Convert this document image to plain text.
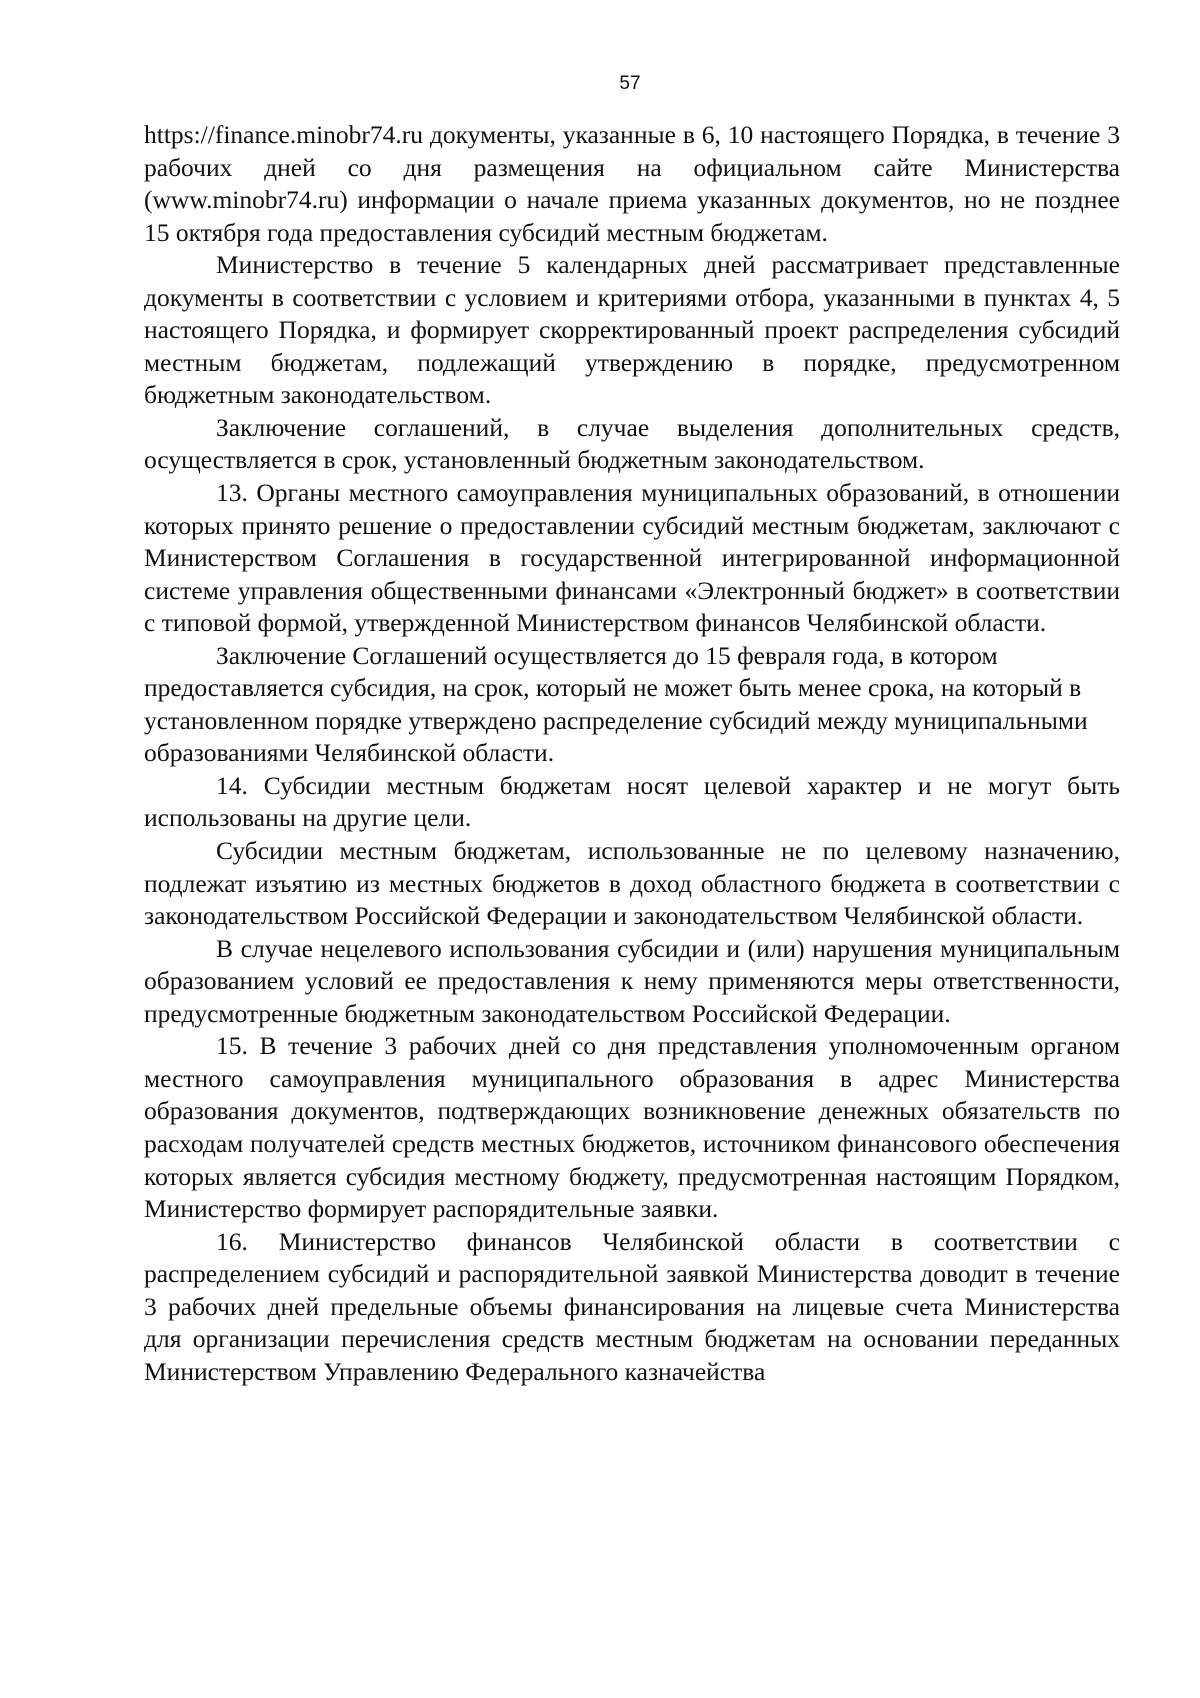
57

https://finance.minobr74.ru документы, указанные в 6, 10 настоящего Порядка, в течение 3 рабочих дней со дня размещения на официальном сайте Министерства (www.minobr74.ru) информации о начале приема указанных документов, но не позднее 15 октября года предоставления субсидий местным бюджетам.

Министерство в течение 5 календарных дней рассматривает представленные документы в соответствии с условием и критериями отбора, указанными в пунктах 4, 5 настоящего Порядка, и формирует скорректированный проект распределения субсидий местным бюджетам, подлежащий утверждению в порядке, предусмотренном бюджетным законодательством.

Заключение соглашений, в случае выделения дополнительных средств, осуществляется в срок, установленный бюджетным законодательством.

13. Органы местного самоуправления муниципальных образований, в отношении которых принято решение о предоставлении субсидий местным бюджетам, заключают с Министерством Соглашения в государственной интегрированной информационной системе управления общественными финансами «Электронный бюджет» в соответствии с типовой формой, утвержденной Министерством финансов Челябинской области.

Заключение Соглашений осуществляется до 15 февраля года, в котором предоставляется субсидия, на срок, который не может быть менее срока, на который в установленном порядке утверждено распределение субсидий между муниципальными образованиями Челябинской области.

14. Субсидии местным бюджетам носят целевой характер и не могут быть использованы на другие цели.

Субсидии местным бюджетам, использованные не по целевому назначению, подлежат изъятию из местных бюджетов в доход областного бюджета в соответствии с законодательством Российской Федерации и законодательством Челябинской области.

В случае нецелевого использования субсидии и (или) нарушения муниципальным образованием условий ее предоставления к нему применяются меры ответственности, предусмотренные бюджетным законодательством Российской Федерации.

15. В течение 3 рабочих дней со дня представления уполномоченным органом местного самоуправления муниципального образования в адрес Министерства образования документов, подтверждающих возникновение денежных обязательств по расходам получателей средств местных бюджетов, источником финансового обеспечения которых является субсидия местному бюджету, предусмотренная настоящим Порядком, Министерство формирует распорядительные заявки.

16. Министерство финансов Челябинской области в соответствии с распределением субсидий и распорядительной заявкой Министерства доводит в течение 3 рабочих дней предельные объемы финансирования на лицевые счета Министерства для организации перечисления средств местным бюджетам на основании переданных Министерством Управлению Федерального казначейства
